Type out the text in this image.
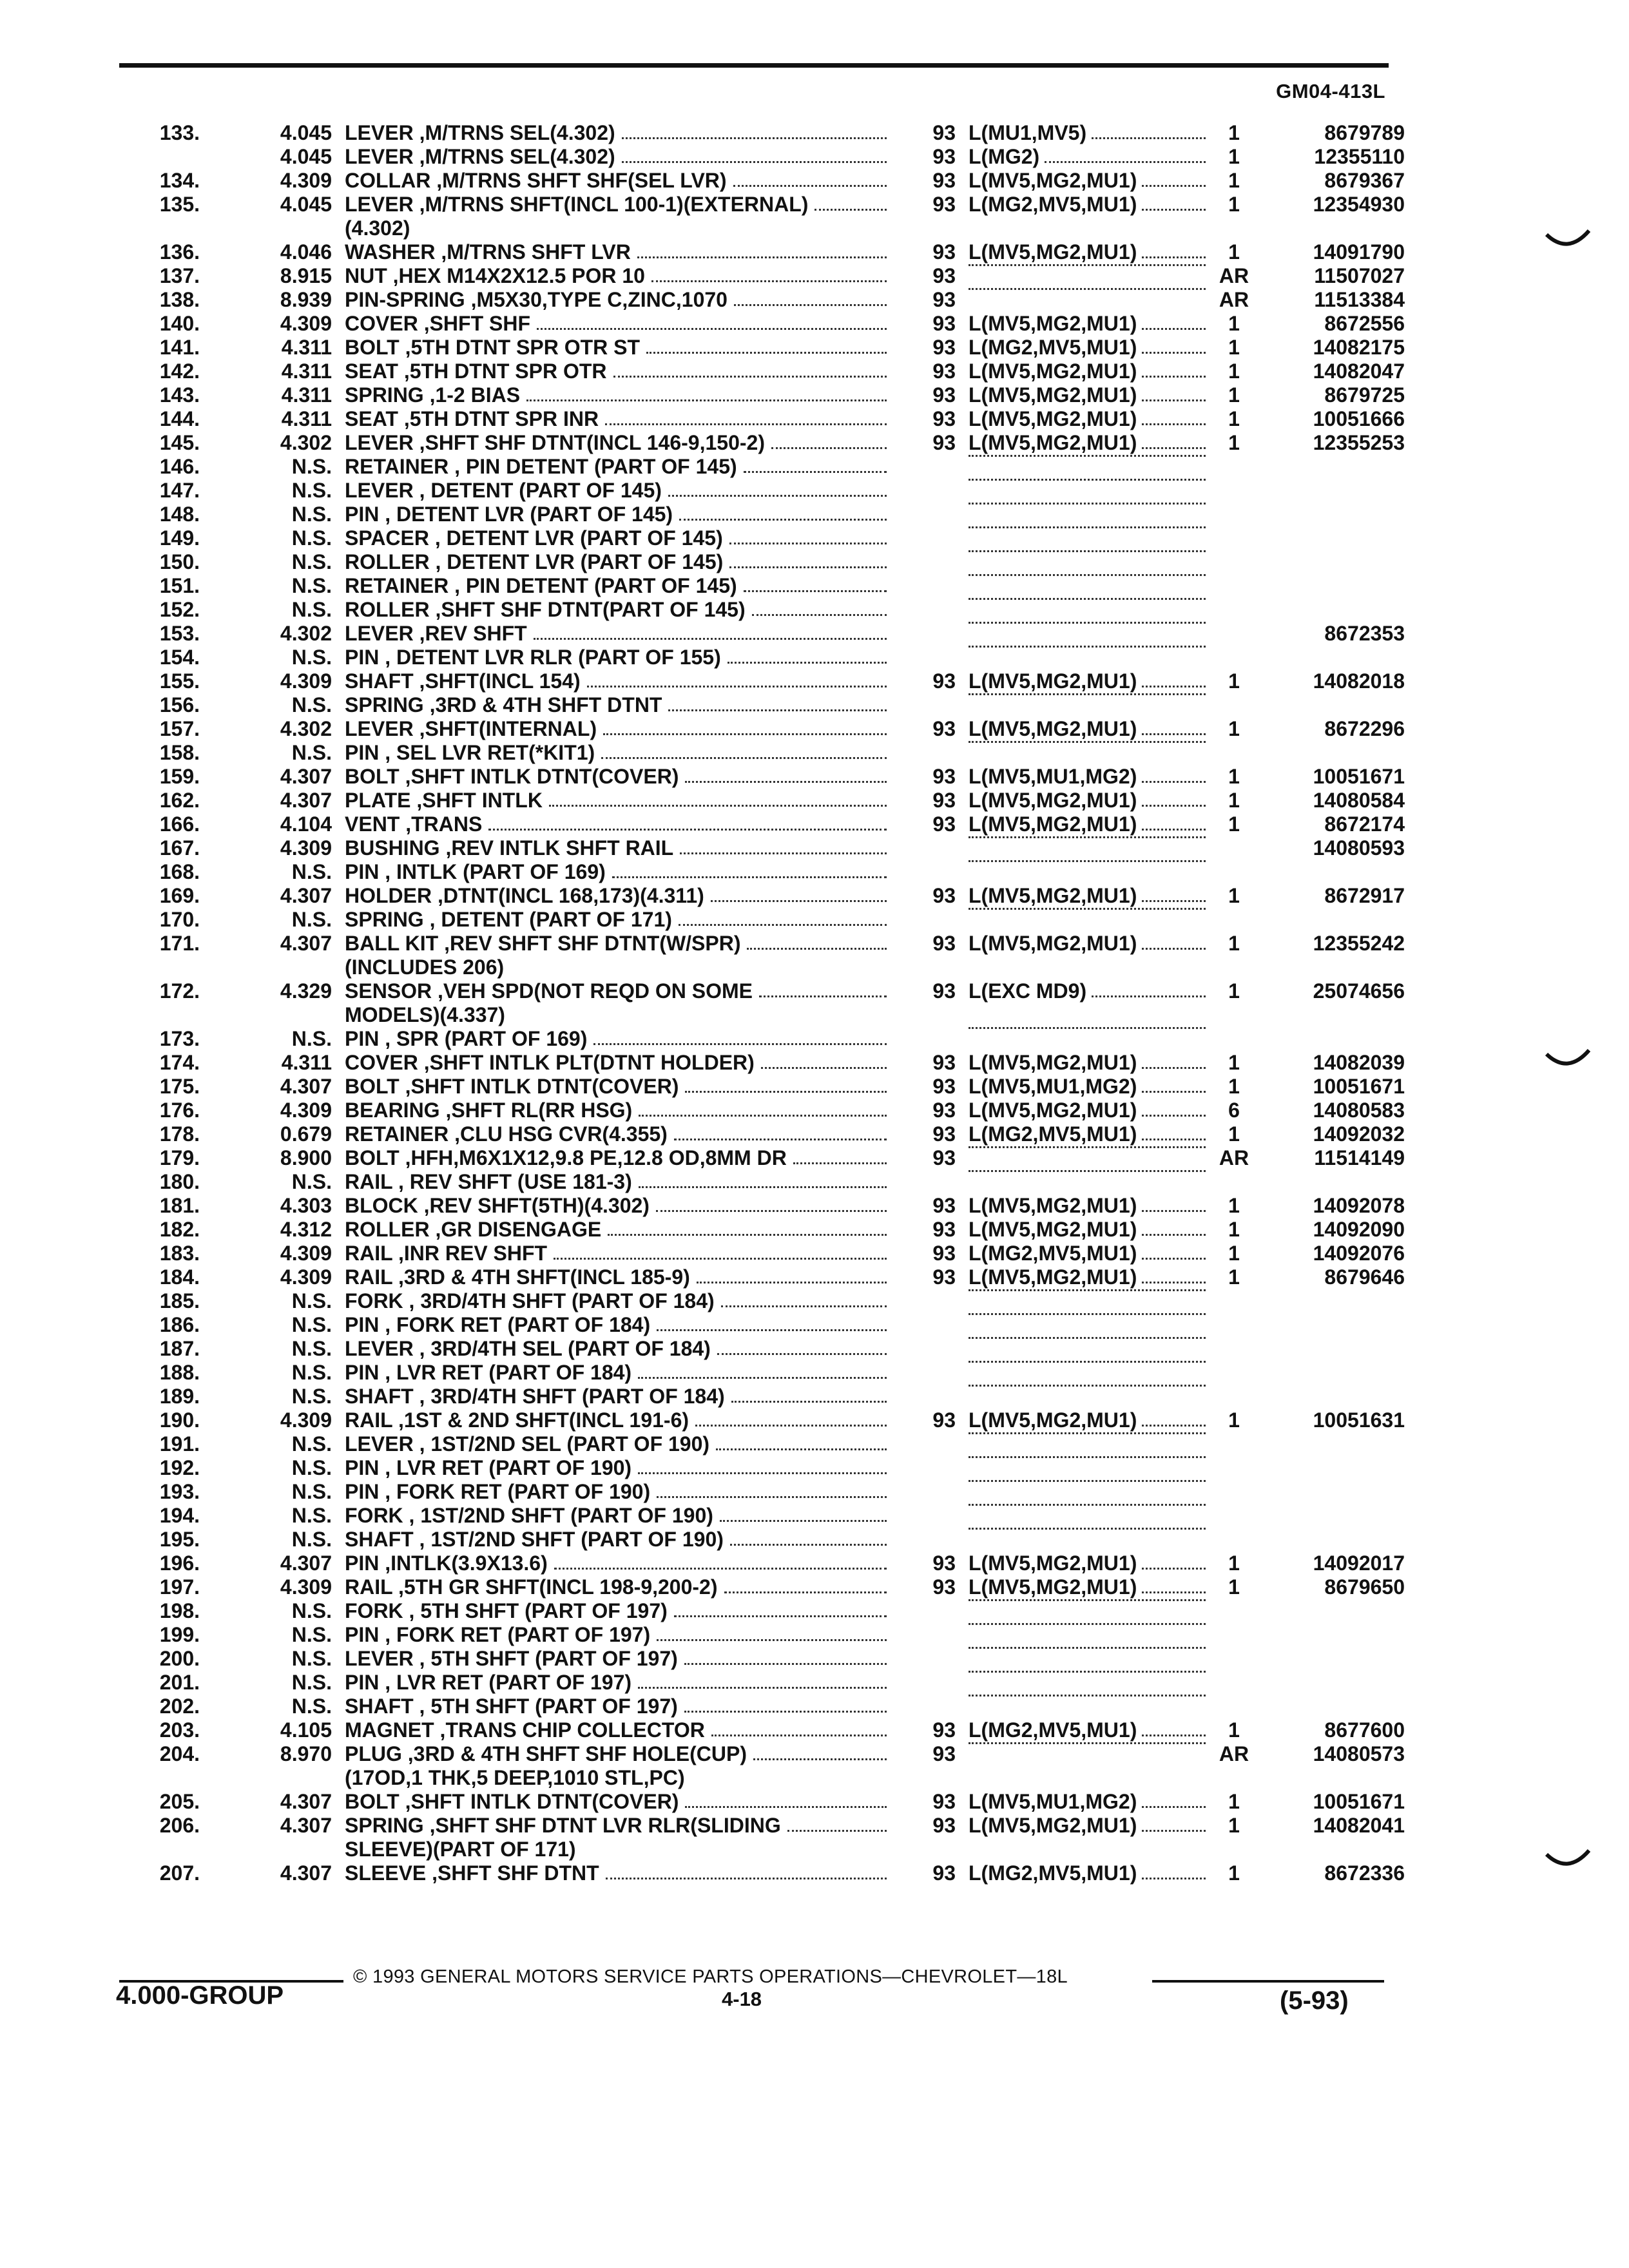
GM04-413L
133.	4.045	LEVER ,M/TRNS SEL(4.302)	93	L(MU1,MV5)	1	8679789
	4.045	LEVER ,M/TRNS SEL(4.302)	93	L(MG2)	1	12355110
134.	4.309	COLLAR ,M/TRNS SHFT SHF(SEL LVR)	93	L(MV5,MG2,MU1)	1	8679367
135.	4.045	LEVER ,M/TRNS SHFT(INCL 100-1)(EXTERNAL)
(4.302)	93	L(MG2,MV5,MU1)	1	12354930
136.	4.046	WASHER ,M/TRNS SHFT LVR	93	L(MV5,MG2,MU1)	1	14091790
137.	8.915	NUT ,HEX M14X2X12.5 POR 10	93		AR	11507027
138.	8.939	PIN-SPRING ,M5X30,TYPE C,ZINC,1070	93		AR	11513384
140.	4.309	COVER ,SHFT SHF	93	L(MV5,MG2,MU1)	1	8672556
141.	4.311	BOLT ,5TH DTNT SPR OTR ST	93	L(MG2,MV5,MU1)	1	14082175
142.	4.311	SEAT ,5TH DTNT SPR OTR	93	L(MV5,MG2,MU1)	1	14082047
143.	4.311	SPRING ,1-2 BIAS	93	L(MV5,MG2,MU1)	1	8679725
144.	4.311	SEAT ,5TH DTNT SPR INR	93	L(MV5,MG2,MU1)	1	10051666
145.	4.302	LEVER ,SHFT SHF DTNT(INCL 146-9,150-2)	93	L(MV5,MG2,MU1)	1	12355253
146.	N.S.	RETAINER , PIN DETENT (PART OF 145)				

147.	N.S.	LEVER , DETENT (PART OF 145)				

148.	N.S.	PIN , DETENT LVR (PART OF 145)				

149.	N.S.	SPACER , DETENT LVR (PART OF 145)				

150.	N.S.	ROLLER , DETENT LVR (PART OF 145)				

151.	N.S.	RETAINER , PIN DETENT (PART OF 145)				

152.	N.S.	ROLLER ,SHFT SHF DTNT(PART OF 145)				

153.	4.302	LEVER ,REV SHFT				8672353
154.	N.S.	PIN , DETENT LVR RLR (PART OF 155)				

155.	4.309	SHAFT ,SHFT(INCL 154)	93	L(MV5,MG2,MU1)	1	14082018
156.	N.S.	SPRING ,3RD & 4TH SHFT DTNT				

157.	4.302	LEVER ,SHFT(INTERNAL)	93	L(MV5,MG2,MU1)	1	8672296
158.	N.S.	PIN , SEL LVR RET(*KIT1)				

159.	4.307	BOLT ,SHFT INTLK DTNT(COVER)	93	L(MV5,MU1,MG2)	1	10051671
162.	4.307	PLATE ,SHFT INTLK	93	L(MV5,MG2,MU1)	1	14080584
166.	4.104	VENT ,TRANS	93	L(MV5,MG2,MU1)	1	8672174
167.	4.309	BUSHING ,REV INTLK SHFT RAIL				14080593
168.	N.S.	PIN , INTLK (PART OF 169)				

169.	4.307	HOLDER ,DTNT(INCL 168,173)(4.311)	93	L(MV5,MG2,MU1)	1	8672917
170.	N.S.	SPRING , DETENT (PART OF 171)				

171.	4.307	BALL KIT ,REV SHFT SHF DTNT(W/SPR)
(INCLUDES 206)	93	L(MV5,MG2,MU1)	1	12355242
172.	4.329	SENSOR ,VEH SPD(NOT REQD ON SOME
MODELS)(4.337)	93	L(EXC MD9)	1	25074656
173.	N.S.	PIN , SPR (PART OF 169)				

174.	4.311	COVER ,SHFT INTLK PLT(DTNT HOLDER)	93	L(MV5,MG2,MU1)	1	14082039
175.	4.307	BOLT ,SHFT INTLK DTNT(COVER)	93	L(MV5,MU1,MG2)	1	10051671
176.	4.309	BEARING ,SHFT RL(RR HSG)	93	L(MV5,MG2,MU1)	6	14080583
178.	0.679	RETAINER ,CLU HSG CVR(4.355)	93	L(MG2,MV5,MU1)	1	14092032
179.	8.900	BOLT ,HFH,M6X1X12,9.8 PE,12.8 OD,8MM DR	93		AR	11514149
180.	N.S.	RAIL , REV SHFT (USE 181-3)				

181.	4.303	BLOCK ,REV SHFT(5TH)(4.302)	93	L(MV5,MG2,MU1)	1	14092078
182.	4.312	ROLLER ,GR DISENGAGE	93	L(MV5,MG2,MU1)	1	14092090
183.	4.309	RAIL ,INR REV SHFT	93	L(MG2,MV5,MU1)	1	14092076
184.	4.309	RAIL ,3RD & 4TH SHFT(INCL 185-9)	93	L(MV5,MG2,MU1)	1	8679646
185.	N.S.	FORK , 3RD/4TH SHFT (PART OF 184)				

186.	N.S.	PIN , FORK RET (PART OF 184)				

187.	N.S.	LEVER , 3RD/4TH SEL (PART OF 184)				

188.	N.S.	PIN , LVR RET (PART OF 184)				

189.	N.S.	SHAFT , 3RD/4TH SHFT (PART OF 184)				

190.	4.309	RAIL ,1ST & 2ND SHFT(INCL 191-6)	93	L(MV5,MG2,MU1)	1	10051631
191.	N.S.	LEVER , 1ST/2ND SEL (PART OF 190)				

192.	N.S.	PIN , LVR RET (PART OF 190)				

193.	N.S.	PIN , FORK RET (PART OF 190)				

194.	N.S.	FORK , 1ST/2ND SHFT (PART OF 190)				

195.	N.S.	SHAFT , 1ST/2ND SHFT (PART OF 190)				

196.	4.307	PIN ,INTLK(3.9X13.6)	93	L(MV5,MG2,MU1)	1	14092017
197.	4.309	RAIL ,5TH GR SHFT(INCL 198-9,200-2)	93	L(MV5,MG2,MU1)	1	8679650
198.	N.S.	FORK , 5TH SHFT (PART OF 197)				

199.	N.S.	PIN , FORK RET (PART OF 197)				

200.	N.S.	LEVER , 5TH SHFT (PART OF 197)				

201.	N.S.	PIN , LVR RET (PART OF 197)				

202.	N.S.	SHAFT , 5TH SHFT (PART OF 197)				

203.	4.105	MAGNET ,TRANS CHIP COLLECTOR	93	L(MG2,MV5,MU1)	1	8677600
204.	8.970	PLUG ,3RD & 4TH SHFT SHF HOLE(CUP)
(17OD,1 THK,5 DEEP,1010 STL,PC)	93		AR	14080573
205.	4.307	BOLT ,SHFT INTLK DTNT(COVER)	93	L(MV5,MU1,MG2)	1	10051671
206.	4.307	SPRING ,SHFT SHF DTNT LVR RLR(SLIDING
SLEEVE)(PART OF 171)	93	L(MV5,MG2,MU1)	1	14082041
207.	4.307	SLEEVE ,SHFT SHF DTNT	93	L(MG2,MV5,MU1)	1	8672336
© 1993 GENERAL MOTORS SERVICE PARTS OPERATIONS—CHEVROLET—18L
4.000-GROUP	4-18	(5-93)
